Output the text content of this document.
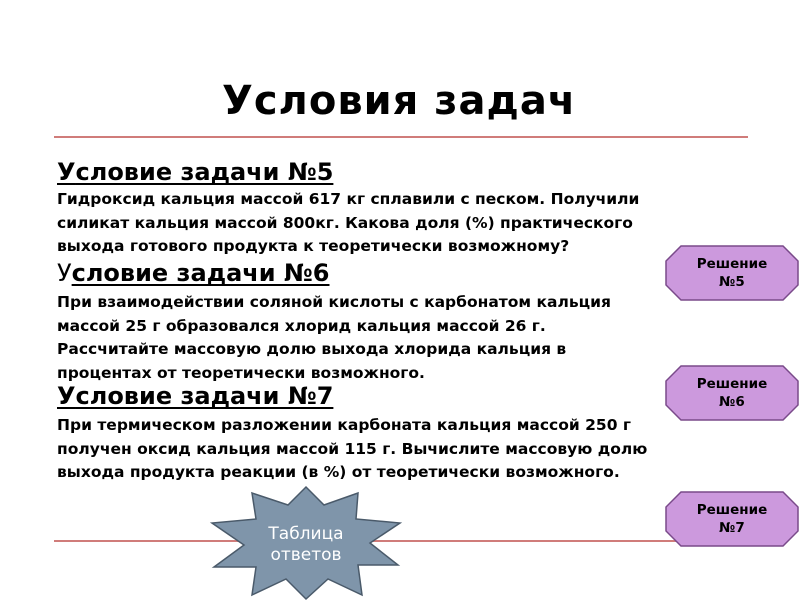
Условия задач
Условие задачи №5
Гидроксид кальция массой 617 кг сплавили с песком. Получили
силикат кальция массой 800кг. Какова доля (%) практического
выхода готового продукта к теоретически возможному?
Условие задачи №6
При взаимодействии соляной кислоты с карбонатом кальция
массой 25 г образовался хлорид кальция массой 26 г.
Рассчитайте массовую долю выхода хлорида кальция в
процентах от теоретически возможного.
Условие задачи №7
При термическом разложении карбоната кальция массой 250 г
получен оксид кальция массой 115 г. Вычислите массовую долю
выхода продукта реакции (в %) от теоретически возможного.
Решение
№5
Решение
№6
Решение
№7
Таблица
ответов
